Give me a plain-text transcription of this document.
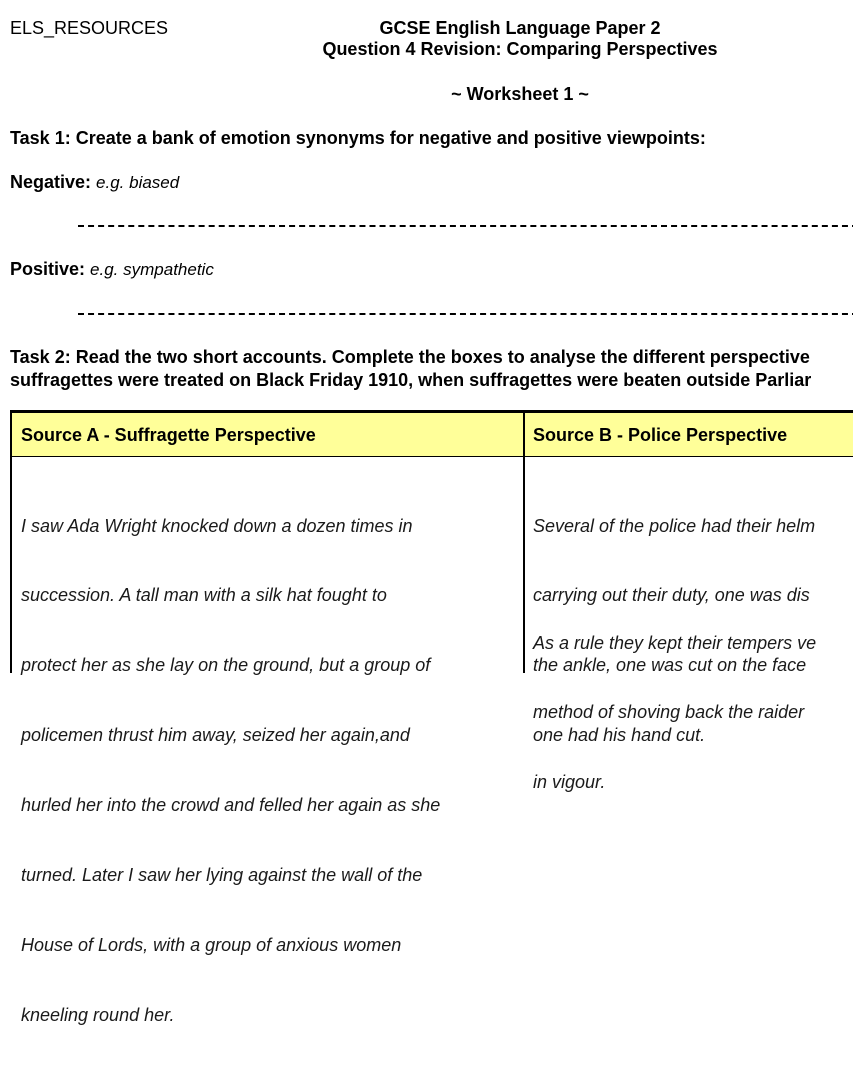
ELS_RESOURCES	GCSE English Language Paper 2
Question 4 Revision: Comparing Perspectives
~ Worksheet 1 ~
Task 1: Create a bank of emotion synonyms for negative and positive viewpoints:
Negative: e.g. biased
Positive: e.g. sympathetic
Task 2: Read the two short accounts. Complete the boxes to analyse the different perspective
suffragettes were treated on Black Friday 1910, when suffragettes were beaten outside Parliar
Source A - Suffragette Perspective	Source B - Police Perspective

I saw Ada Wright knocked down a dozen times in

succession. A tall man with a silk hat fought to

protect her as she lay on the ground, but a group of

policemen thrust him away, seized her again,and

hurled her into the crowd and felled her again as she

turned. Later I saw her lying against the wall of the

House of Lords, with a group of anxious women

kneeling round her.

Several of the police had their helm

carrying out their duty, one was dis

the ankle, one was cut on the face

one had his hand cut.

As a rule they kept their tempers ve

method of shoving back the raider

in vigour.
